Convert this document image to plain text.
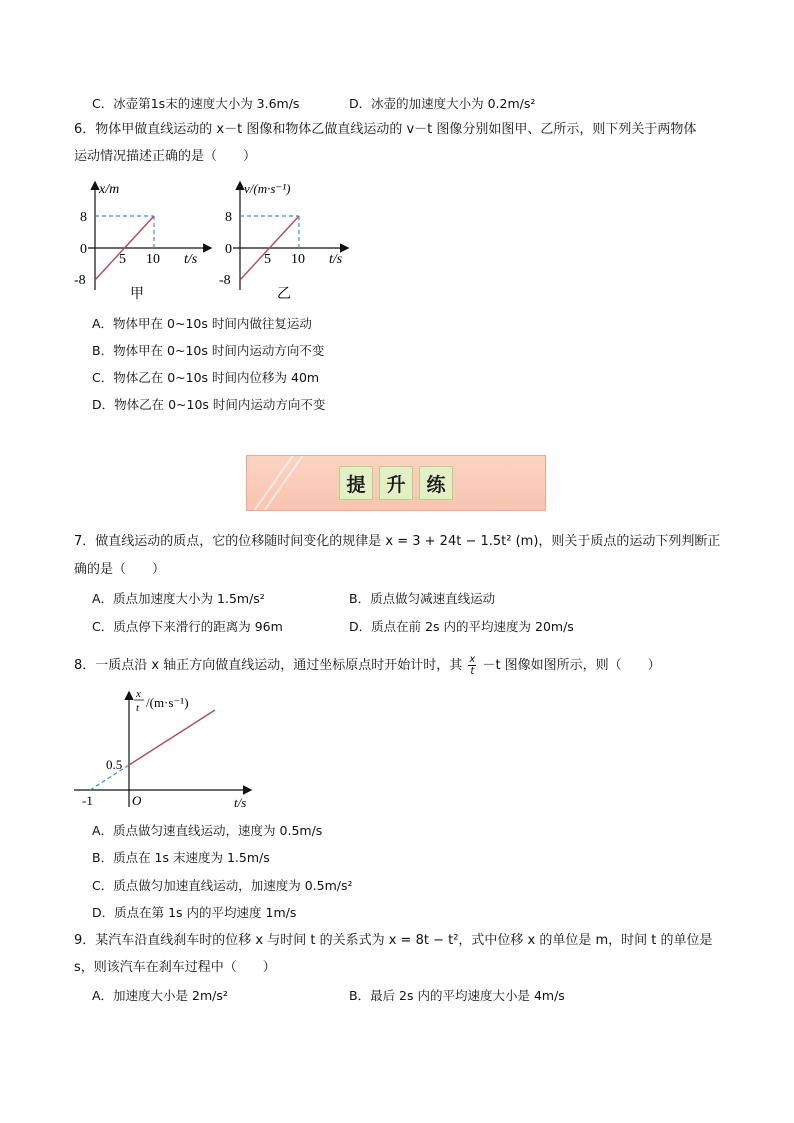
C．冰壶第1s末的速度大小为 3.6m/s	D．冰壶的加速度大小为 0.2m/s²
6．物体甲做直线运动的 x－t 图像和物体乙做直线运动的 v－t 图像分别如图甲、乙所示，则下列关于两物体
运动情况描述正确的是（　　）
x/m
8
0
-8
5 10 t/s
甲
v/(m·s⁻¹)
8
0
-8
5 10 t/s
乙
A．物体甲在 0~10s 时间内做往复运动
B．物体甲在 0~10s 时间内运动方向不变
C．物体乙在 0~10s 时间内位移为 40m
D．物体乙在 0~10s 时间内运动方向不变
提	升	练
7．做直线运动的质点，它的位移随时间变化的规律是 x = 3 + 24t − 1.5t² (m)，则关于质点的运动下列判断正
确的是（　　）
A．质点加速度大小为 1.5m/s²	B．质点做匀减速直线运动
C．质点停下来滑行的距离为 96m	D．质点在前 2s 内的平均速度为 20m/s
8．一质点沿 x 轴正方向做直线运动，通过坐标原点时开始计时，其 $\frac{x}{t} -t$ 图像如图所示，则（　　）
x
t /(m·s⁻¹)
0.5
-1	O	t/s
A．质点做匀速直线运动，速度为 0.5m/s
B．质点在 1s 末速度为 1.5m/s
C．质点做匀加速直线运动，加速度为 0.5m/s²
D．质点在第 1s 内的平均速度 1m/s
9．某汽车沿直线刹车时的位移 x 与时间 t 的关系式为 x = 8t − t²，式中位移 x 的单位是 m，时间 t 的单位是
s，则该汽车在刹车过程中（　　）
A．加速度大小是 2m/s²	B．最后 2s 内的平均速度大小是 4m/s
